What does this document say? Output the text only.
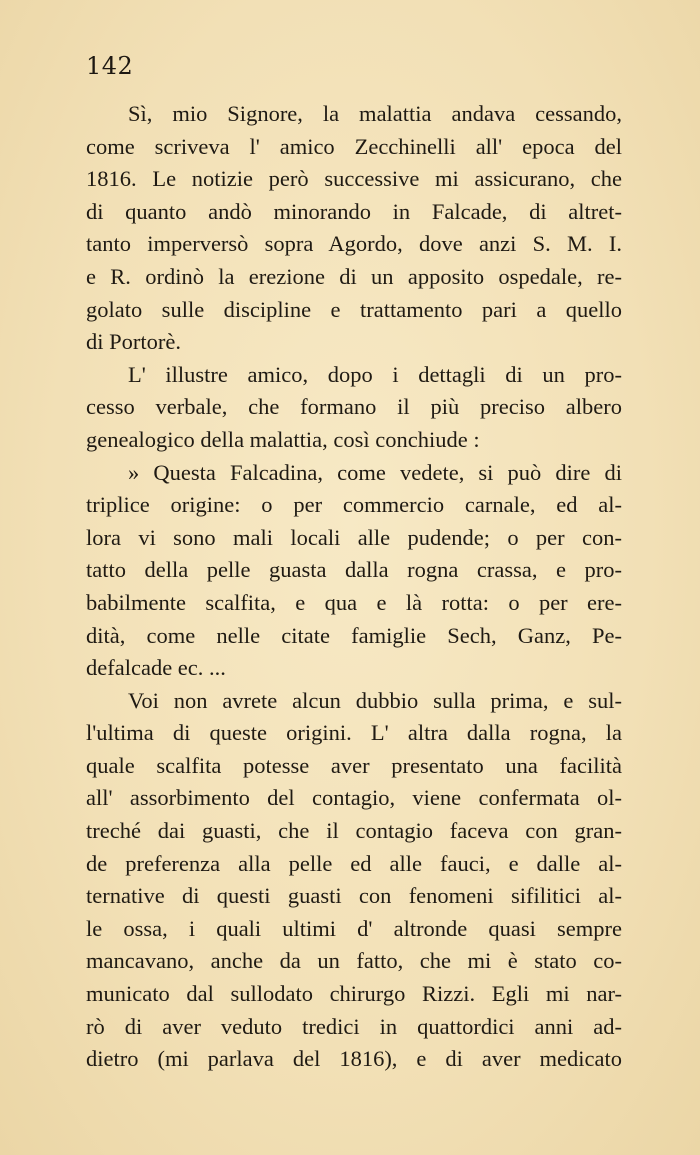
142
Sì, mio Signore, la malattia andava cessando,
come scriveva l' amico Zecchinelli all' epoca del
1816. Le notizie però successive mi assicurano, che
di quanto andò minorando in Falcade, di altret-
tanto imperversò sopra Agordo, dove anzi S. M. I.
e R. ordinò la erezione di un apposito ospedale, re-
golato sulle discipline e trattamento pari a quello
di Portorè.
L' illustre amico, dopo i dettagli di un pro-
cesso verbale, che formano il più preciso albero
genealogico della malattia, così conchiude :
» Questa Falcadina, come vedete, si può dire di
triplice origine: o per commercio carnale, ed al-
lora vi sono mali locali alle pudende; o per con-
tatto della pelle guasta dalla rogna crassa, e pro-
babilmente scalfita, e qua e là rotta: o per ere-
dità, come nelle citate famiglie Sech, Ganz, Pe-
defalcade ec. ...
Voi non avrete alcun dubbio sulla prima, e sul-
l'ultima di queste origini. L' altra dalla rogna, la
quale scalfita potesse aver presentato una facilità
all' assorbimento del contagio, viene confermata ol-
treché dai guasti, che il contagio faceva con gran-
de preferenza alla pelle ed alle fauci, e dalle al-
ternative di questi guasti con fenomeni sifilitici al-
le ossa, i quali ultimi d' altronde quasi sempre
mancavano, anche da un fatto, che mi è stato co-
municato dal sullodato chirurgo Rizzi. Egli mi nar-
rò di aver veduto tredici in quattordici anni ad-
dietro (mi parlava del 1816), e di aver medicato
